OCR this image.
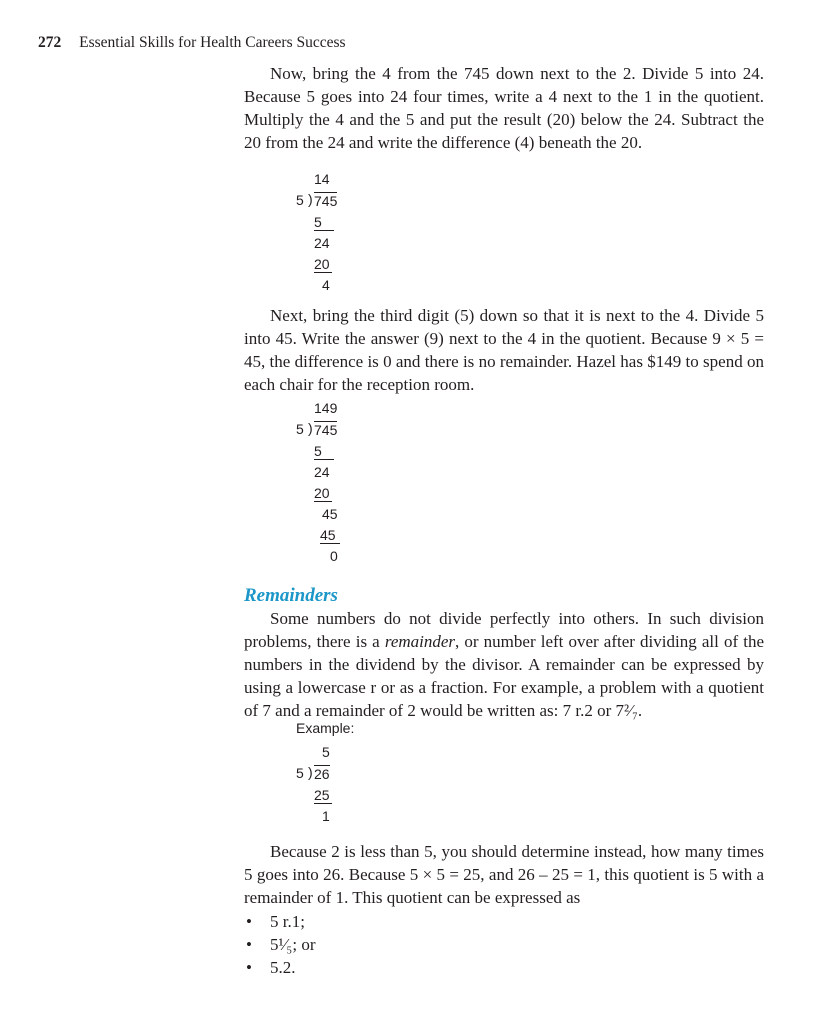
272 Essential Skills for Health Careers Success

Now, bring the 4 from the 745 down next to the 2. Divide 5 into 24. Because 5 goes into 24 four times, write a 4 next to the 1 in the quotient. Multiply the 4 and the 5 and put the result (20) below the 24. Subtract the 20 from the 24 and write the difference (4) beneath the 20.

14
5 ) 745
5
24
20
4

Next, bring the third digit (5) down so that it is next to the 4. Divide 5 into 45. Write the answer (9) next to the 4 in the quotient. Because 9 × 5 = 45, the difference is 0 and there is no remainder. Hazel has $149 to spend on each chair for the reception room.

149
5 ) 745
5
24
20
45
45
0
Remainders

Some numbers do not divide perfectly into others. In such division problems, there is a remainder, or number left over after dividing all of the numbers in the dividend by the divisor. A remainder can be expressed by using a lowercase r or as a fraction. For example, a problem with a quotient of 7 and a remainder of 2 would be written as: 7 r.2 or 7²⁄₇.

Example:
5
5 ) 26
25
1

Because 2 is less than 5, you should determine instead, how many times 5 goes into 26. Because 5 × 5 = 25, and 26 – 25 = 1, this quotient is 5 with a remainder of 1. This quotient can be expressed as

• 5 r.1;
• 5¹⁄₅; or
• 5.2.
